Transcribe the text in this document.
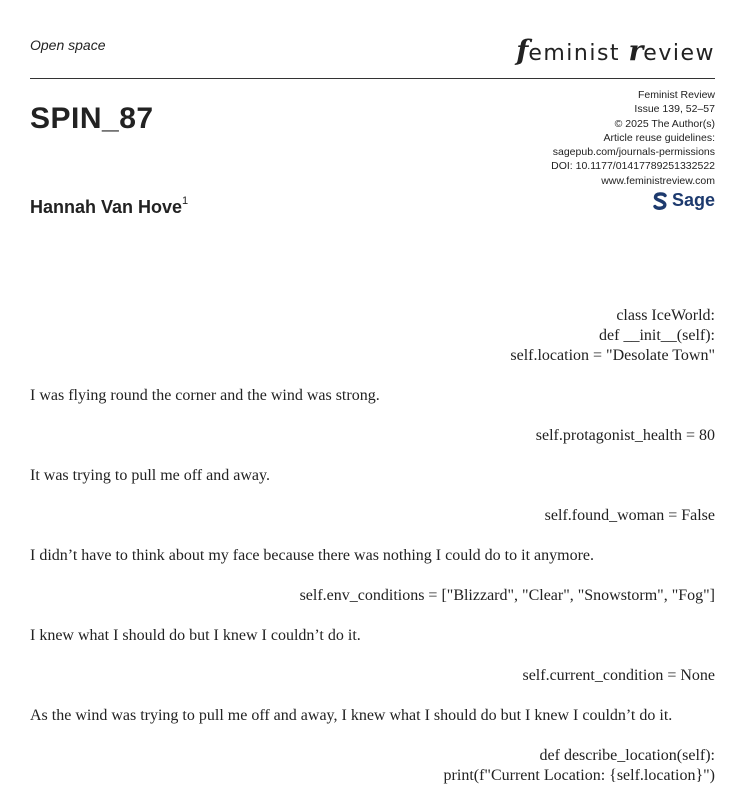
Open space	feminist review
SPIN_87
Hannah Van Hove$^1$
Feminist Review
Issue 139, 52–57
© 2025 The Author(s)
Article reuse guidelines:
sagepub.com/journals-permissions
DOI: 10.1177/01417789251332522
www.feministreview.com
Sage
class IceWorld:
def __init__(self):
self.location = "Desolate Town"
I was flying round the corner and the wind was strong.
self.protagonist_health = 80
It was trying to pull me off and away.
self.found_woman = False
I didn’t have to think about my face because there was nothing I could do to it anymore.
self.env_conditions = ["Blizzard", "Clear", "Snowstorm", "Fog"]
I knew what I should do but I knew I couldn’t do it.
self.current_condition = None
As the wind was trying to pull me off and away, I knew what I should do but I knew I couldn’t do it.
def describe_location(self):
print(f"Current Location: {self.location}")
